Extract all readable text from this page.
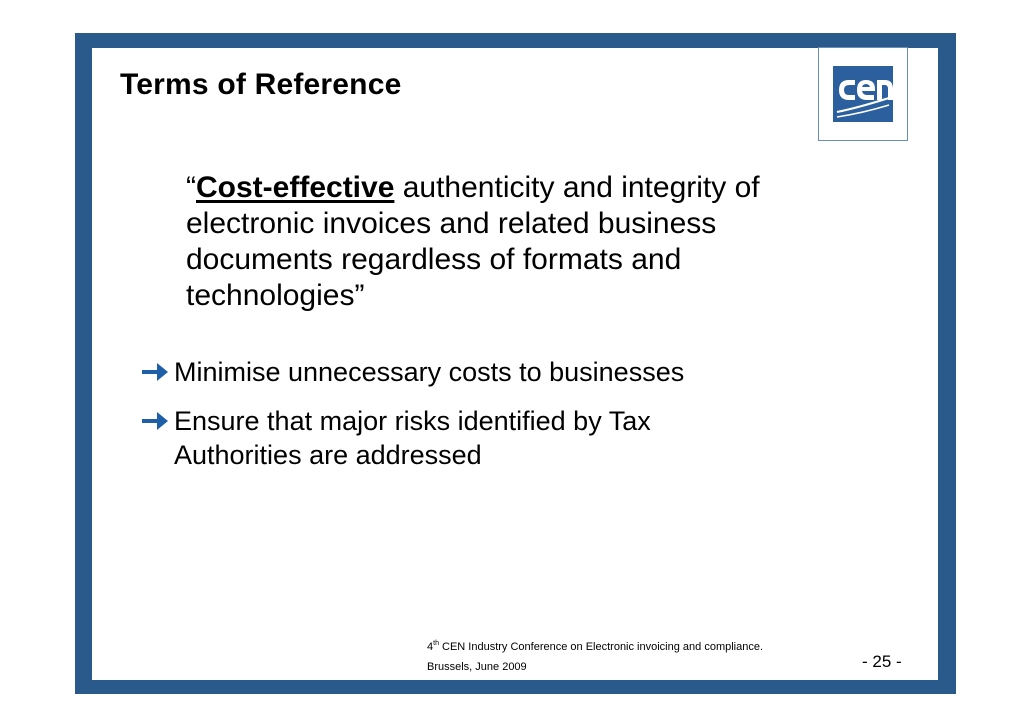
Terms of Reference
“Cost-effective authenticity and integrity of electronic invoices and related business documents regardless of formats and technologies”
Minimise unnecessary costs to businesses
Ensure that major risks identified by Tax Authorities are addressed
4th CEN Industry Conference on Electronic invoicing and compliance.
Brussels, June 2009	- 25 -
